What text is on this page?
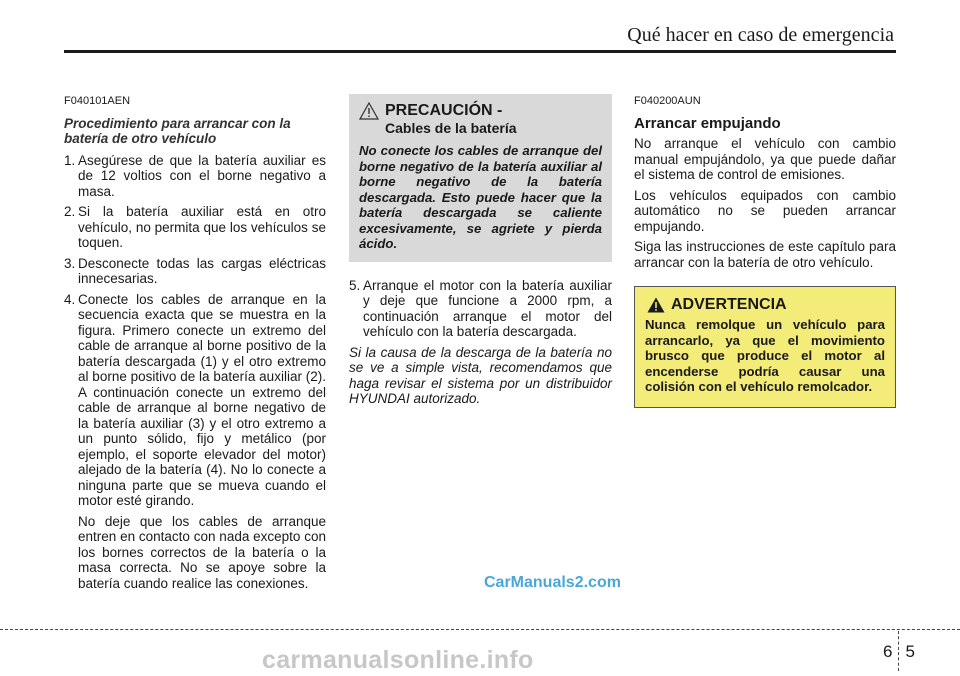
Qué hacer en caso de emergencia
F040101AEN
Procedimiento para arrancar con la batería de otro vehículo
1. Asegúrese de que la batería auxiliar es de 12 voltios con el borne negativo a masa.
2. Si la batería auxiliar está en otro vehículo, no permita que los vehículos se toquen.
3. Desconecte todas las cargas eléctricas innecesarias.
4. Conecte los cables de arranque en la secuencia exacta que se muestra en la figura. Primero conecte un extremo del cable de arranque al borne positivo de la batería descargada (1) y el otro extremo al borne positivo de la batería auxiliar (2). A continuación conecte un extremo del cable de arranque al borne negativo de la batería auxiliar (3) y el otro extremo a un punto sólido, fijo y metálico (por ejemplo, el soporte elevador del motor) alejado de la batería (4). No lo conecte a ninguna parte que se mueva cuando el motor esté girando.

No deje que los cables de arranque entren en contacto con nada excepto con los bornes correctos de la batería o la masa correcta. No se apoye sobre la batería cuando realice las conexiones.

PRECAUCIÓN -
Cables de la batería
No conecte los cables de arranque del borne negativo de la batería auxiliar al borne negativo de la batería descargada. Esto puede hacer que la batería descargada se caliente excesivamente, se agriete y pierda ácido.
5. Arranque el motor con la batería auxiliar y deje que funcione a 2000 rpm, a continuación arranque el motor del vehículo con la batería descargada.

Si la causa de la descarga de la batería no se ve a simple vista, recomendamos que haga revisar el sistema por un distribuidor HYUNDAI autorizado.

F040200AUN
Arrancar empujando

No arranque el vehículo con cambio manual empujándolo, ya que puede dañar el sistema de control de emisiones.

Los vehículos equipados con cambio automático no se pueden arrancar empujando.

Siga las instrucciones de este capítulo para arrancar con la batería de otro vehículo.

ADVERTENCIA
Nunca remolque un vehículo para arrancarlo, ya que el movimiento brusco que produce el motor al encenderse podría causar una colisión con el vehículo remolcador.
CarManuals2.com
6 5
carmanualsonline.info
